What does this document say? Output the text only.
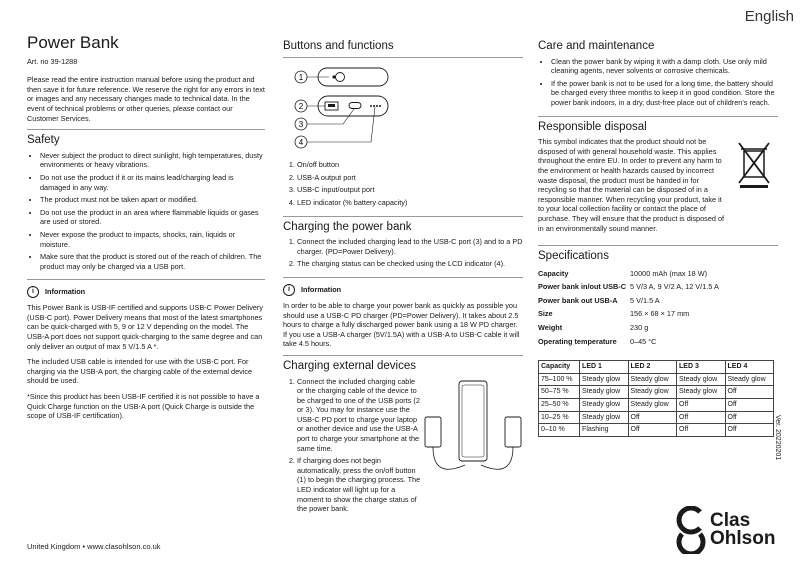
English
Power Bank

Art. no 39-1288

Please read the entire instruction manual before using the product and then save it for future reference. We reserve the right for any errors in text or images and any necessary changes made to technical data. In the event of technical problems or other queries, please contact our Customer Services.

Safety
• Never subject the product to direct sunlight, high temperatures, dusty environments or heavy vibrations.
• Do not use the product if it or its mains lead/charging lead is damaged in any way.
• The product must not be taken apart or modified.
• Do not use the product in an area where flammable liquids or gases are used or stored.
• Never expose the product to impacts, shocks, rain, liquids or moisture.
• Make sure that the product is stored out of the reach of children. The product may only be charged via a USB port.
i	Information

This Power Bank is USB-IF certified and supports USB-C Power Delivery (USB-C port). Power Delivery means that most of the latest smartphones can be quick-charged with 5, 9 or 12 V depending on the model. The USB-A port does not support quick-charging to the same degree and can only deliver an output of max 5 V/1.5 A *.

The included USB cable is intended for use with the USB-C port. For charging via the USB-A port, the charging cable of the external device should be used.

*Since this product has been USB-IF certified it is not possible to have a Quick Charge function on the USB-A port (Quick Charge is outside the scope of USB-IF certification).

Buttons and functions
1
2
3
4
1. On/off button
2. USB-A output port
3. USB-C input/output port
4. LED indicator (% battery capacity)
Charging the power bank
1. Connect the included charging lead to the USB-C port (3) and to a PD charger. (PD=Power Delivery).
2. The charging status can be checked using the LCD indicator (4).
i	Information

In order to be able to charge your power bank as quickly as possible you should use a USB-C PD charger (PD=Power Delivery). It takes about 2.5 hours to charge a fully discharged power bank using a 18 W PD charger. If you use a USB-A charger (5V/1.5A) with a USB-A to USB-C cable it will take 4.5 hours.

Charging external devices
1. Connect the included charging cable or the charging cable of the device to be charged to one of the USB ports (2 or 3). You may for instance use the USB-C PD port to charge your laptop or another device and use the USB-A port to charge your smartphone at the same time.
2. If charging does not begin automatically, press the on/off button (1) to begin the charging process. The LED indicator will light up for a moment to show the charge status of the power bank.
Care and maintenance
• Clean the power bank by wiping it with a damp cloth. Use only mild cleaning agents, never solvents or corrosive chemicals.
• If the power bank is not to be used for a long time, the battery should be charged every three months to keep it in good condition. Store the power bank indoors, in a dry, dust-free place out of children’s reach.
Responsible disposal

This symbol indicates that the product should not be disposed of with general household waste. This applies throughout the entire EU. In order to prevent any harm to the environment or health hazards caused by incorrect waste disposal, the product must be handed in for recycling so that the material can be disposed of in a responsible manner. When recycling your product, take it to your local collection facility or contact the place of purchase. They will ensure that the product is disposed of in an environmentally sound manner.

Specifications
Capacity	10000 mAh (max 18 W)
Power bank in/out USB-C	5 V/3 A, 9 V/2 A, 12 V/1.5 A
Power bank out USB-A	5 V/1.5 A
Size	156 × 68 × 17 mm
Weight	230 g
Operating temperature	0–45 °C
Capacity	LED 1	LED 2	LED 3	LED 4
75–100 %	Steady glow	Steady glow	Steady glow	Steady glow
50–75 %	Steady glow	Steady glow	Steady glow	Off
25–50 %	Steady glow	Steady glow	Off	Off
10–25 %	Steady glow	Off	Off	Off
0–10 %	Flashing	Off	Off	Off
United Kingdom • www.clasohlson.co.uk
Ver. 20220201
Clas
Ohlson
